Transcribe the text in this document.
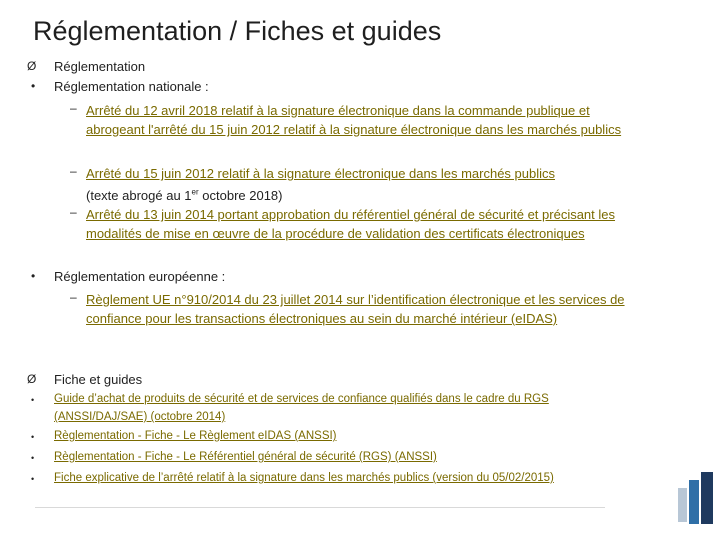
Réglementation / Fiches et guides
Ø Réglementation
• Réglementation nationale :
– Arrêté du 12 avril 2018 relatif à la signature électronique dans la commande publique et abrogeant l'arrêté du 15 juin 2012 relatif à la signature électronique dans les marchés publics
– Arrêté du 15 juin 2012 relatif à la signature électronique dans les marchés publics
(texte abrogé au 1er octobre 2018)
– Arrêté du 13 juin 2014 portant approbation du référentiel général de sécurité et précisant les modalités de mise en œuvre de la procédure de validation des certificats électroniques
• Réglementation européenne :
– Règlement UE n°910/2014 du 23 juillet 2014 sur l’identification électronique et les services de confiance pour les transactions électroniques au sein du marché intérieur (eIDAS)
Ø Fiche et guides
• Guide d’achat de produits de sécurité et de services de confiance qualifiés dans le cadre du RGS (ANSSI/DAJ/SAE) (octobre 2014)
• Règlementation - Fiche - Le Règlement eIDAS (ANSSI)
• Règlementation - Fiche - Le Référentiel général de sécurité (RGS) (ANSSI)
• Fiche explicative de l’arrêté relatif à la signature dans les marchés publics (version du 05/02/2015)
